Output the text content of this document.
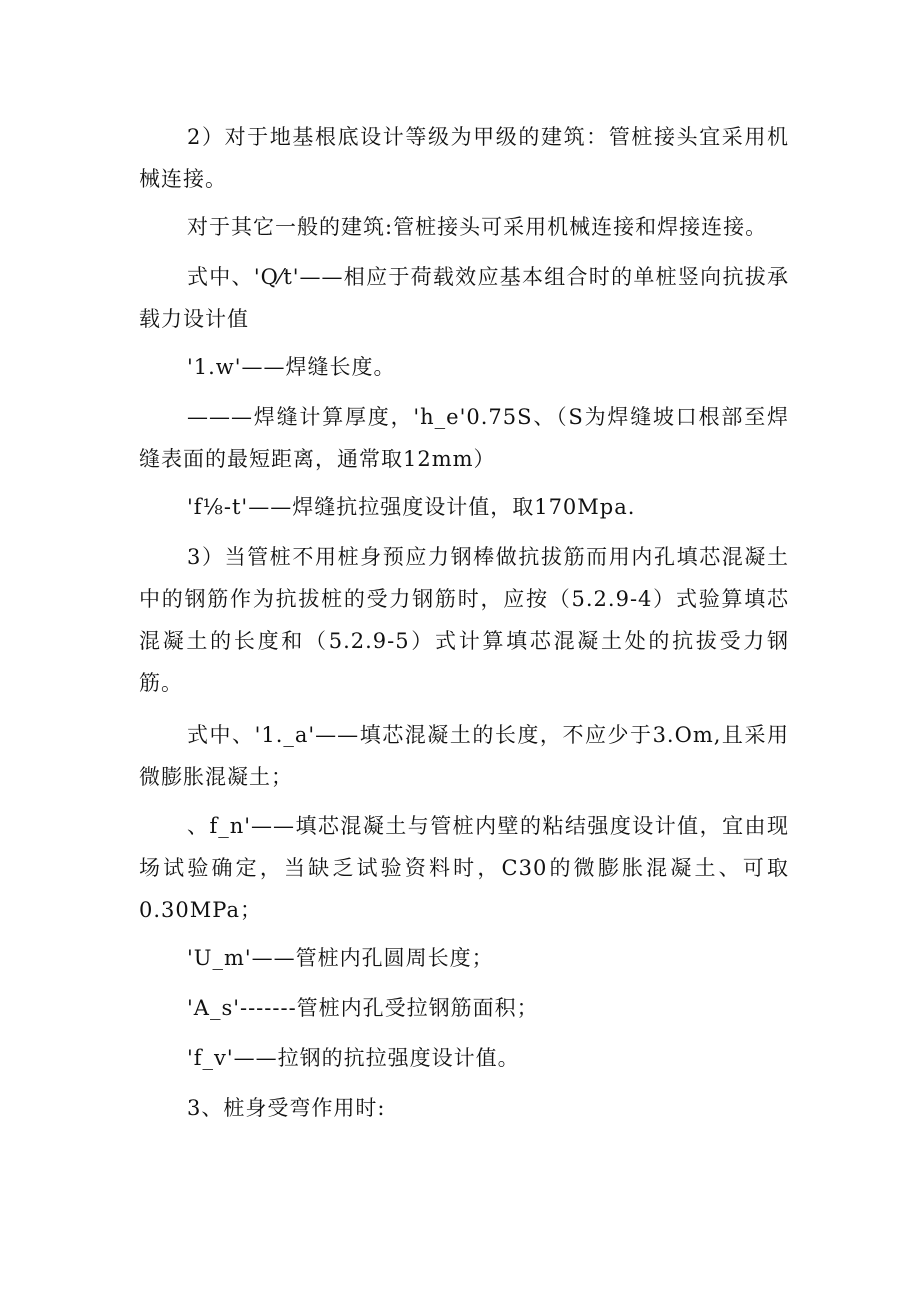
2）对于地基根底设计等级为甲级的建筑：管桩接头宜采用机械连接。

对于其它一般的建筑:管桩接头可采用机械连接和焊接连接。

式中、'Q⁄t'——相应于荷载效应基本组合时的单桩竖向抗拔承载力设计值

'1.w'——焊缝长度。

———焊缝计算厚度，'h_e'0.75S、（S为焊缝坡口根部至焊缝表面的最短距离，通常取12mm）

'f⅛-t'——焊缝抗拉强度设计值，取170Mpa.

3）当管桩不用桩身预应力钢棒做抗拔筋而用内孔填芯混凝土中的钢筋作为抗拔桩的受力钢筋时，应按（5.2.9-4）式验算填芯混凝土的长度和（5.2.9-5）式计算填芯混凝土处的抗拔受力钢筋。

式中、'1._a'——填芯混凝土的长度，不应少于3.Om,且采用微膨胀混凝土；

、f_n'——填芯混凝土与管桩内壁的粘结强度设计值，宜由现场试验确定，当缺乏试验资料时，C30的微膨胀混凝土、可取0.30MPa；

'U_m'——管桩内孔圆周长度；

'A_s'-------管桩内孔受拉钢筋面积；

'f_v'——拉钢的抗拉强度设计值。

3、桩身受弯作用时:
